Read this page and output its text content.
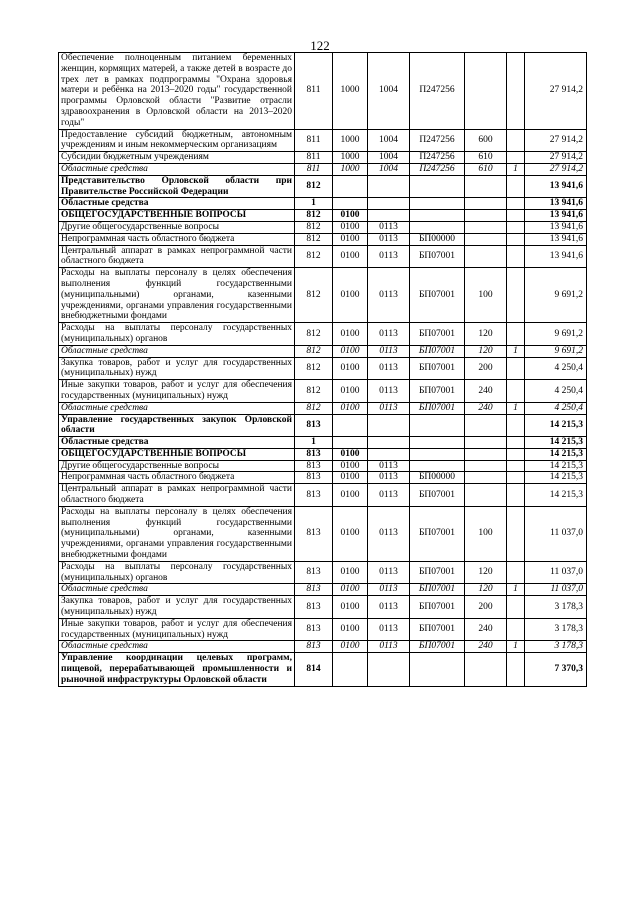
122
Обеспечение полноценным питанием беременных женщин, кормящих матерей, а также детей в возрасте до трех лет в рамках подпрограммы "Охрана здоровья матери и ребёнка на 2013–2020 годы" государственной программы Орловской области "Развитие отрасли здравоохранения в Орловской области на 2013–2020 годы"	811	1000	1004	П247256			27 914,2
Предоставление субсидий бюджетным, автономным учреждениям и иным некоммерческим организациям	811	1000	1004	П247256	600		27 914,2
Субсидии бюджетным учреждениям	811	1000	1004	П247256	610		27 914,2
Областные средства	811	1000	1004	П247256	610	1	27 914,2
Представительство Орловской области при Правительстве Российской Федерации	812						13 941,6
Областные средства	1						13 941,6
ОБЩЕГОСУДАРСТВЕННЫЕ ВОПРОСЫ	812	0100					13 941,6
Другие общегосударственные вопросы	812	0100	0113				13 941,6
Непрограммная часть областного бюджета	812	0100	0113	БП00000			13 941,6
Центральный аппарат в рамках непрограммной части областного бюджета	812	0100	0113	БП07001			13 941,6
Расходы на выплаты персоналу в целях обеспечения выполнения функций государственными (муниципальными) органами, казенными учреждениями, органами управления государственными внебюджетными фондами	812	0100	0113	БП07001	100		9 691,2
Расходы на выплаты персоналу государственных (муниципальных) органов	812	0100	0113	БП07001	120		9 691,2
Областные средства	812	0100	0113	БП07001	120	1	9 691,2
Закупка товаров, работ и услуг для государственных (муниципальных) нужд	812	0100	0113	БП07001	200		4 250,4
Иные закупки товаров, работ и услуг для обеспечения государственных (муниципальных) нужд	812	0100	0113	БП07001	240		4 250,4
Областные средства	812	0100	0113	БП07001	240	1	4 250,4
Управление государственных закупок Орловской области	813						14 215,3
Областные средства	1						14 215,3
ОБЩЕГОСУДАРСТВЕННЫЕ ВОПРОСЫ	813	0100					14 215,3
Другие общегосударственные вопросы	813	0100	0113				14 215,3
Непрограммная часть областного бюджета	813	0100	0113	БП00000			14 215,3
Центральный аппарат в рамках непрограммной части областного бюджета	813	0100	0113	БП07001			14 215,3
Расходы на выплаты персоналу в целях обеспечения выполнения функций государственными (муниципальными) органами, казенными учреждениями, органами управления государственными внебюджетными фондами	813	0100	0113	БП07001	100		11 037,0
Расходы на выплаты персоналу государственных (муниципальных) органов	813	0100	0113	БП07001	120		11 037,0
Областные средства	813	0100	0113	БП07001	120	1	11 037,0
Закупка товаров, работ и услуг для государственных (муниципальных) нужд	813	0100	0113	БП07001	200		3 178,3
Иные закупки товаров, работ и услуг для обеспечения государственных (муниципальных) нужд	813	0100	0113	БП07001	240		3 178,3
Областные средства	813	0100	0113	БП07001	240	1	3 178,3
Управление координации целевых программ, пищевой, перерабатывающей промышленности и рыночной инфраструктуры Орловской области	814						7 370,3
